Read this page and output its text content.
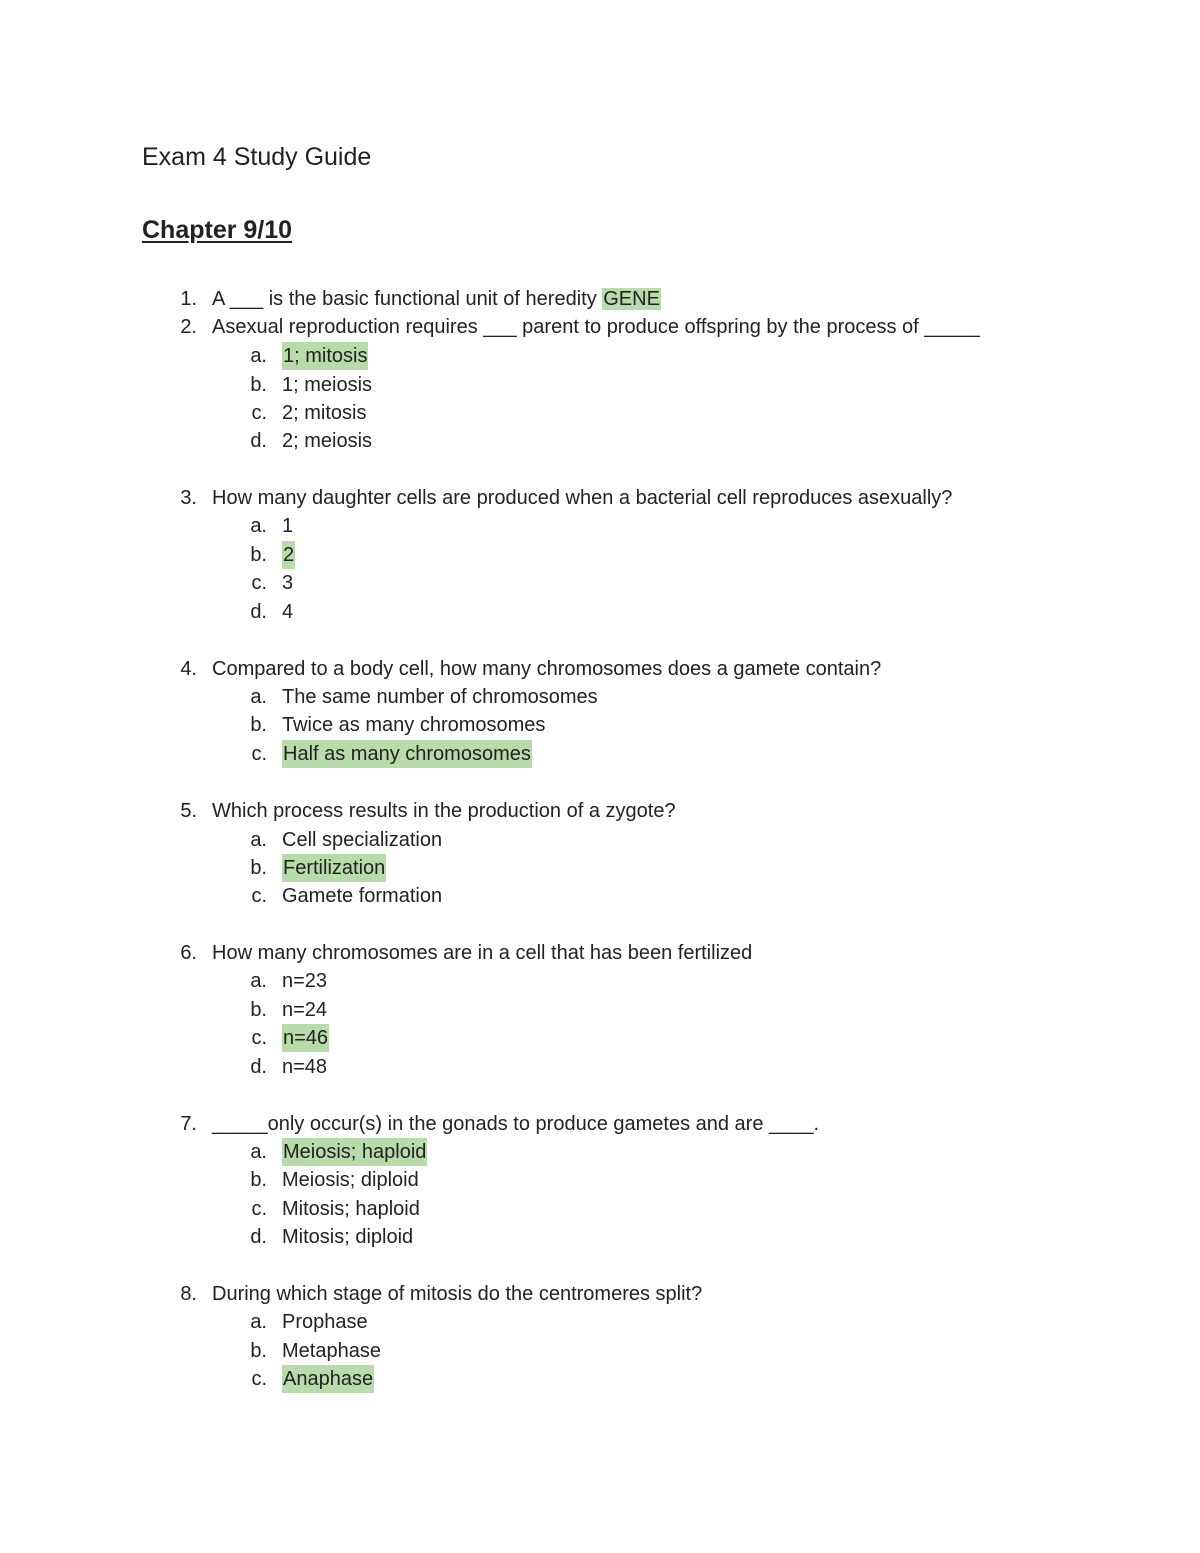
Exam 4 Study Guide
Chapter 9/10
1. A ___ is the basic functional unit of heredity GENE
2. Asexual reproduction requires ___ parent to produce offspring by the process of _____
a. 1; mitosis
b. 1; meiosis
c. 2; mitosis
d. 2; meiosis
3. How many daughter cells are produced when a bacterial cell reproduces asexually?
a. 1
b. 2
c. 3
d. 4
4. Compared to a body cell, how many chromosomes does a gamete contain?
a. The same number of chromosomes
b. Twice as many chromosomes
c. Half as many chromosomes
5. Which process results in the production of a zygote?
a. Cell specialization
b. Fertilization
c. Gamete formation
6. How many chromosomes are in a cell that has been fertilized
a. n=23
b. n=24
c. n=46
d. n=48
7. _____only occur(s) in the gonads to produce gametes and are ____.
a. Meiosis; haploid
b. Meiosis; diploid
c. Mitosis; haploid
d. Mitosis; diploid
8. During which stage of mitosis do the centromeres split?
a. Prophase
b. Metaphase
c. Anaphase
